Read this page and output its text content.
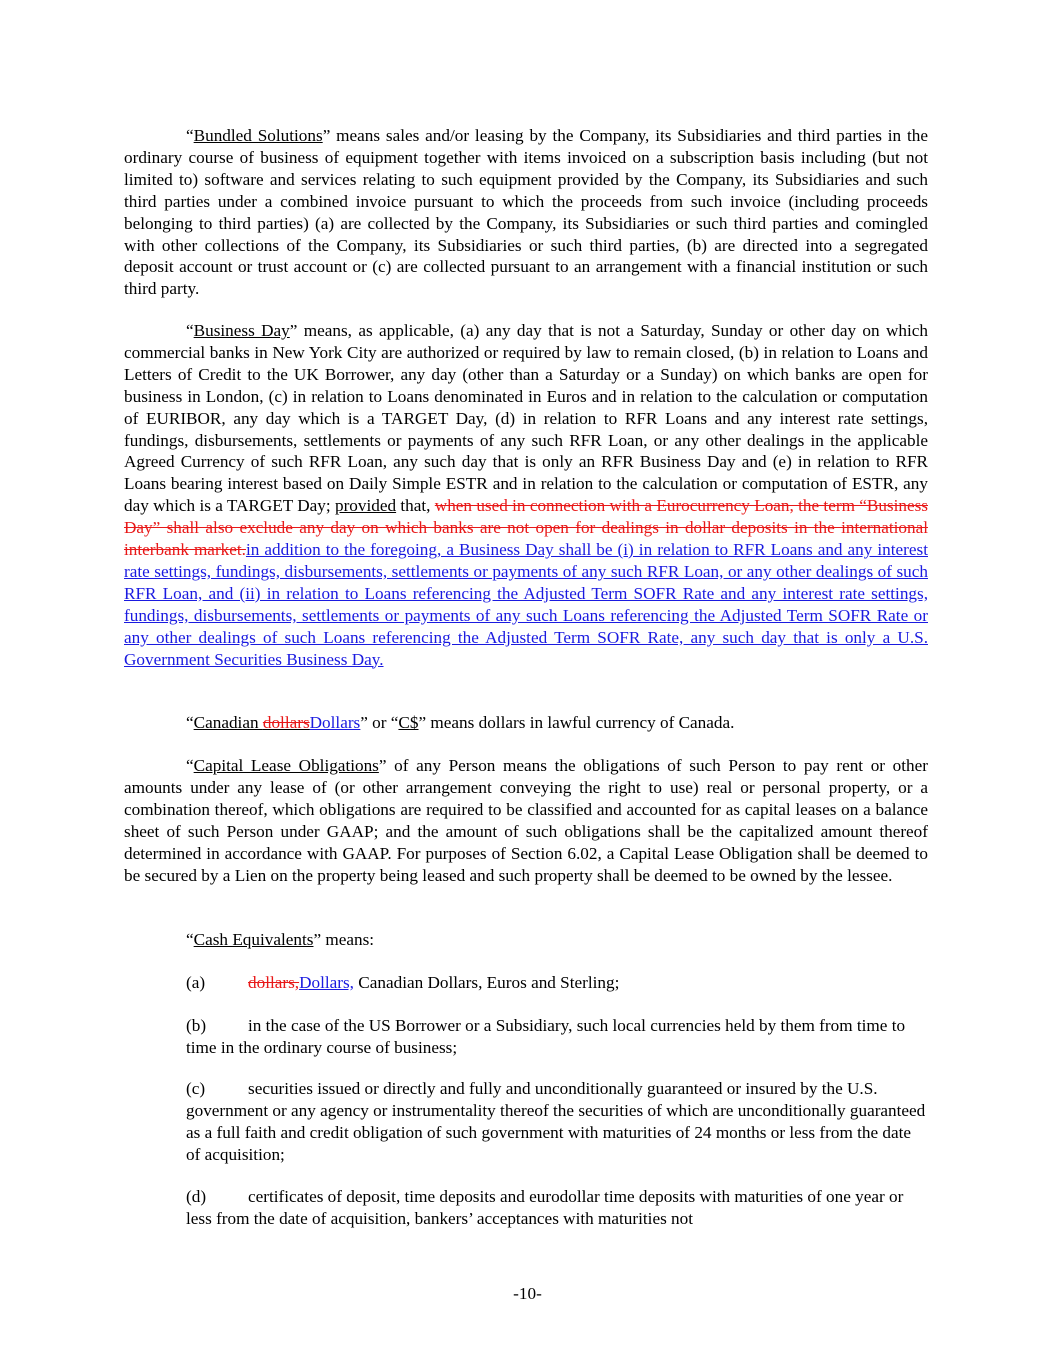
“Bundled Solutions” means sales and/or leasing by the Company, its Subsidiaries and third parties in the ordinary course of business of equipment together with items invoiced on a subscription basis including (but not limited to) software and services relating to such equipment provided by the Company, its Subsidiaries and such third parties under a combined invoice pursuant to which the proceeds from such invoice (including proceeds belonging to third parties) (a) are collected by the Company, its Subsidiaries or such third parties and comingled with other collections of the Company, its Subsidiaries or such third parties, (b) are directed into a segregated deposit account or trust account or (c) are collected pursuant to an arrangement with a financial institution or such third party.

“Business Day” means, as applicable, (a) any day that is not a Saturday, Sunday or other day on which commercial banks in New York City are authorized or required by law to remain closed, (b) in relation to Loans and Letters of Credit to the UK Borrower, any day (other than a Saturday or a Sunday) on which banks are open for business in London, (c) in relation to Loans denominated in Euros and in relation to the calculation or computation of EURIBOR, any day which is a TARGET Day, (d) in relation to RFR Loans and any interest rate settings, fundings, disbursements, settlements or payments of any such RFR Loan, or any other dealings in the applicable Agreed Currency of such RFR Loan, any such day that is only an RFR Business Day and (e) in relation to RFR Loans bearing interest based on Daily Simple ESTR and in relation to the calculation or computation of ESTR, any day which is a TARGET Day; provided that, when used in connection with a Eurocurrency Loan, the term “Business Day” shall also exclude any day on which banks are not open for dealings in dollar deposits in the international interbank market.in addition to the foregoing, a Business Day shall be (i) in relation to RFR Loans and any interest rate settings, fundings, disbursements, settlements or payments of any such RFR Loan, or any other dealings of such RFR Loan, and (ii) in relation to Loans referencing the Adjusted Term SOFR Rate and any interest rate settings, fundings, disbursements, settlements or payments of any such Loans referencing the Adjusted Term SOFR Rate or any other dealings of such Loans referencing the Adjusted Term SOFR Rate, any such day that is only a U.S. Government Securities Business Day.

“Canadian dollarsDollars” or “C$” means dollars in lawful currency of Canada.

“Capital Lease Obligations” of any Person means the obligations of such Person to pay rent or other amounts under any lease of (or other arrangement conveying the right to use) real or personal property, or a combination thereof, which obligations are required to be classified and accounted for as capital leases on a balance sheet of such Person under GAAP; and the amount of such obligations shall be the capitalized amount thereof determined in accordance with GAAP. For purposes of Section 6.02, a Capital Lease Obligation shall be deemed to be secured by a Lien on the property being leased and such property shall be deemed to be owned by the lessee.

“Cash Equivalents” means:

(a) dollars,Dollars, Canadian Dollars, Euros and Sterling;

(b) in the case of the US Borrower or a Subsidiary, such local currencies held by them from time to time in the ordinary course of business;

(c) securities issued or directly and fully and unconditionally guaranteed or insured by the U.S. government or any agency or instrumentality thereof the securities of which are unconditionally guaranteed as a full faith and credit obligation of such government with maturities of 24 months or less from the date of acquisition;

(d) certificates of deposit, time deposits and eurodollar time deposits with maturities of one year or less from the date of acquisition, bankers’ acceptances with maturities not

-10-
